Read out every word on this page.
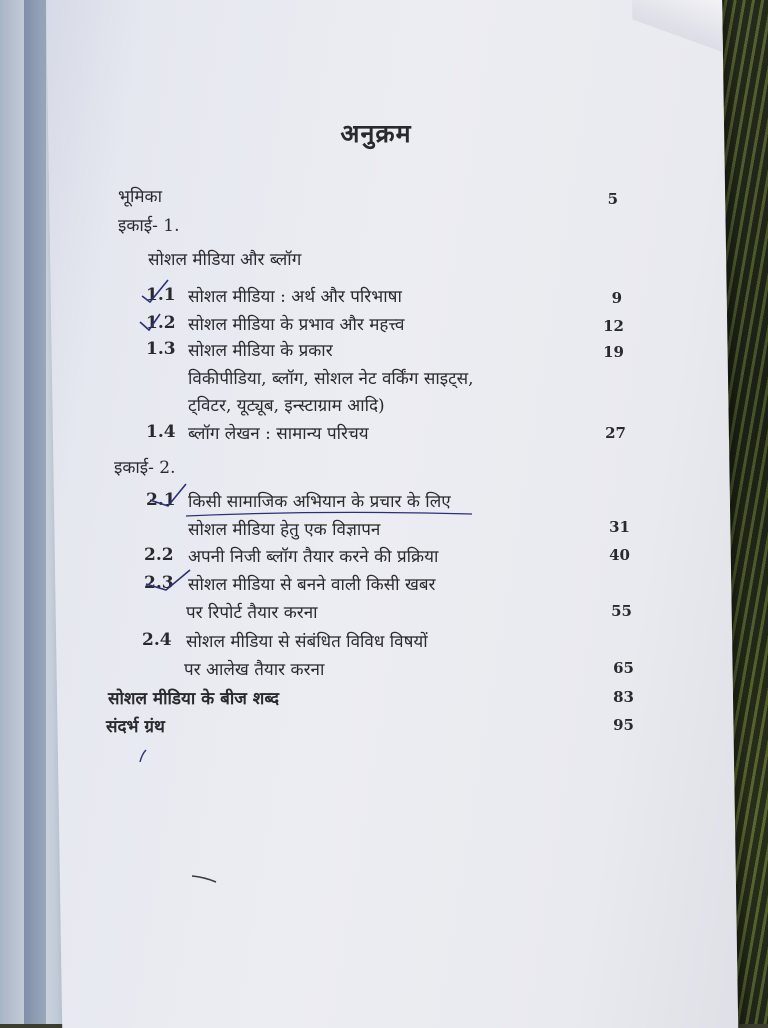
अनुक्रम
भूमिका	5
इकाई- 1.
सोशल मीडिया और ब्लॉग
1.1 सोशल मीडिया : अर्थ और परिभाषा	9
1.2 सोशल मीडिया के प्रभाव और महत्त्व	12
1.3 सोशल मीडिया के प्रकार	19
विकीपीडिया, ब्लॉग, सोशल नेट वर्किंग साइट्स,
ट्विटर, यूट्यूब, इन्स्टाग्राम आदि)
1.4 ब्लॉग लेखन : सामान्य परिचय	27
इकाई- 2.
2.1 किसी सामाजिक अभियान के प्रचार के लिए
सोशल मीडिया हेतु एक विज्ञापन	31
2.2 अपनी निजी ब्लॉग तैयार करने की प्रक्रिया	40
2.3 सोशल मीडिया से बनने वाली किसी खबर
पर रिपोर्ट तैयार करना	55
2.4 सोशल मीडिया से संबंधित विविध विषयों
पर आलेख तैयार करना	65
सोशल मीडिया के बीज शब्द	83
संदर्भ ग्रंथ	95
